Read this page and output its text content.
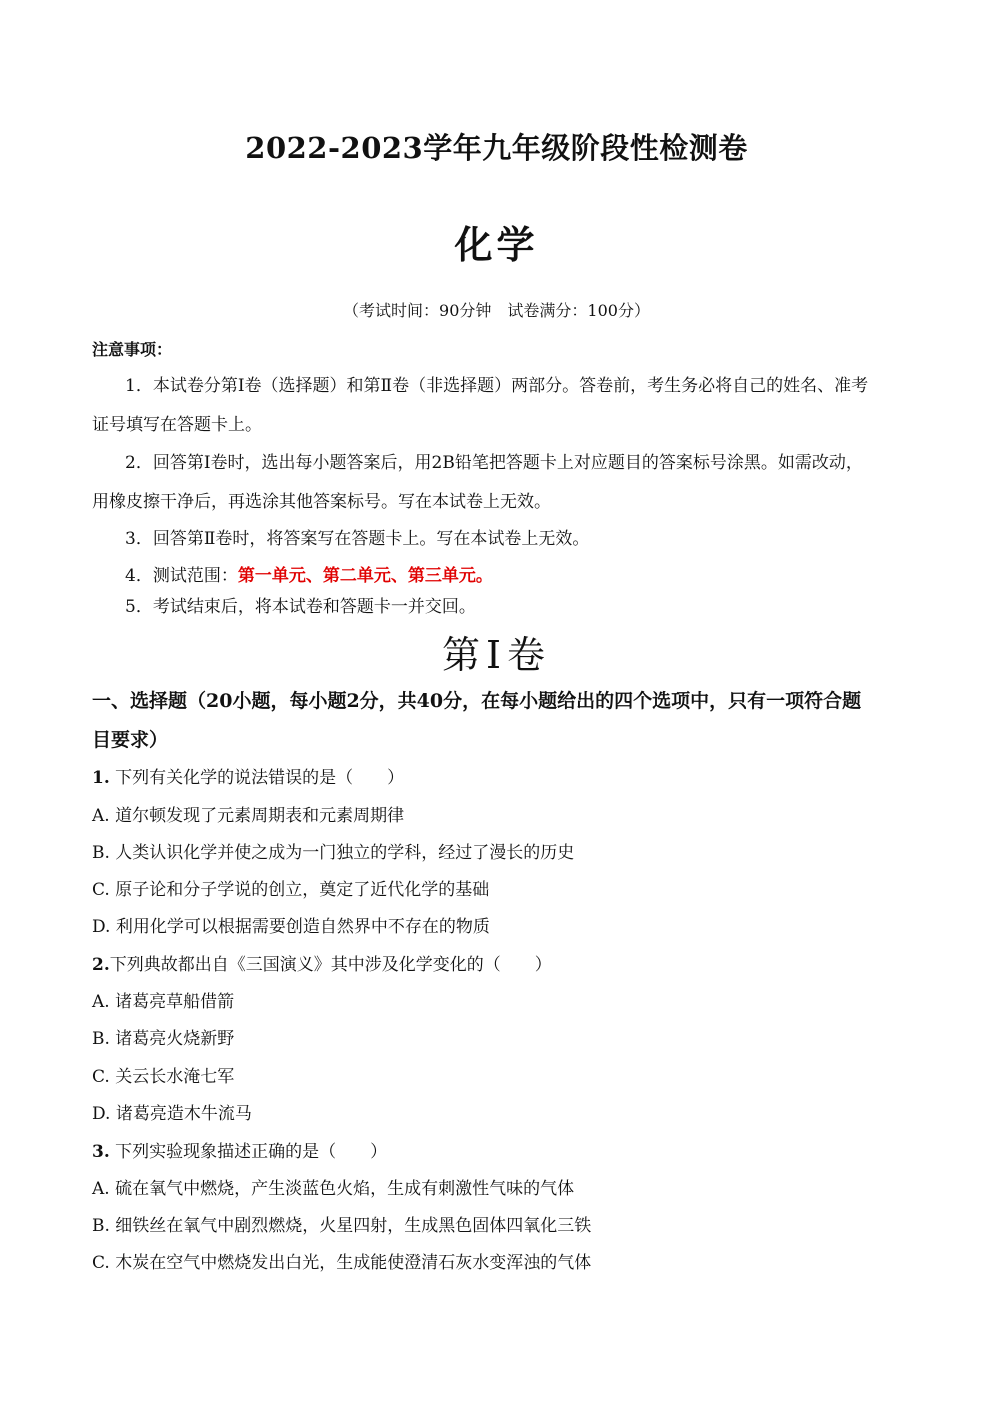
2022-2023学年九年级阶段性检测卷
化学
（考试时间：90分钟　试卷满分：100分）
注意事项：
1．本试卷分第Ⅰ卷（选择题）和第Ⅱ卷（非选择题）两部分。答卷前，考生务必将自己的姓名、准考
证号填写在答题卡上。
2．回答第Ⅰ卷时，选出每小题答案后，用2B铅笔把答题卡上对应题目的答案标号涂黑。如需改动，
用橡皮擦干净后，再选涂其他答案标号。写在本试卷上无效。
3．回答第Ⅱ卷时，将答案写在答题卡上。写在本试卷上无效。
4．测试范围：第一单元、第二单元、第三单元。
5．考试结束后，将本试卷和答题卡一并交回。
第Ⅰ卷
一、选择题（20小题，每小题2分，共40分，在每小题给出的四个选项中，只有一项符合题
目要求）
1. 下列有关化学的说法错误的是（　　）
A. 道尔顿发现了元素周期表和元素周期律
B. 人类认识化学并使之成为一门独立的学科，经过了漫长的历史
C. 原子论和分子学说的创立，奠定了近代化学的基础
D. 利用化学可以根据需要创造自然界中不存在的物质
2.下列典故都出自《三国演义》其中涉及化学变化的（　　）
A. 诸葛亮草船借箭
B. 诸葛亮火烧新野
C. 关云长水淹七军
D. 诸葛亮造木牛流马
3. 下列实验现象描述正确的是（　　）
A. 硫在氧气中燃烧，产生淡蓝色火焰，生成有刺激性气味的气体
B. 细铁丝在氧气中剧烈燃烧，火星四射，生成黑色固体四氧化三铁
C. 木炭在空气中燃烧发出白光，生成能使澄清石灰水变浑浊的气体
